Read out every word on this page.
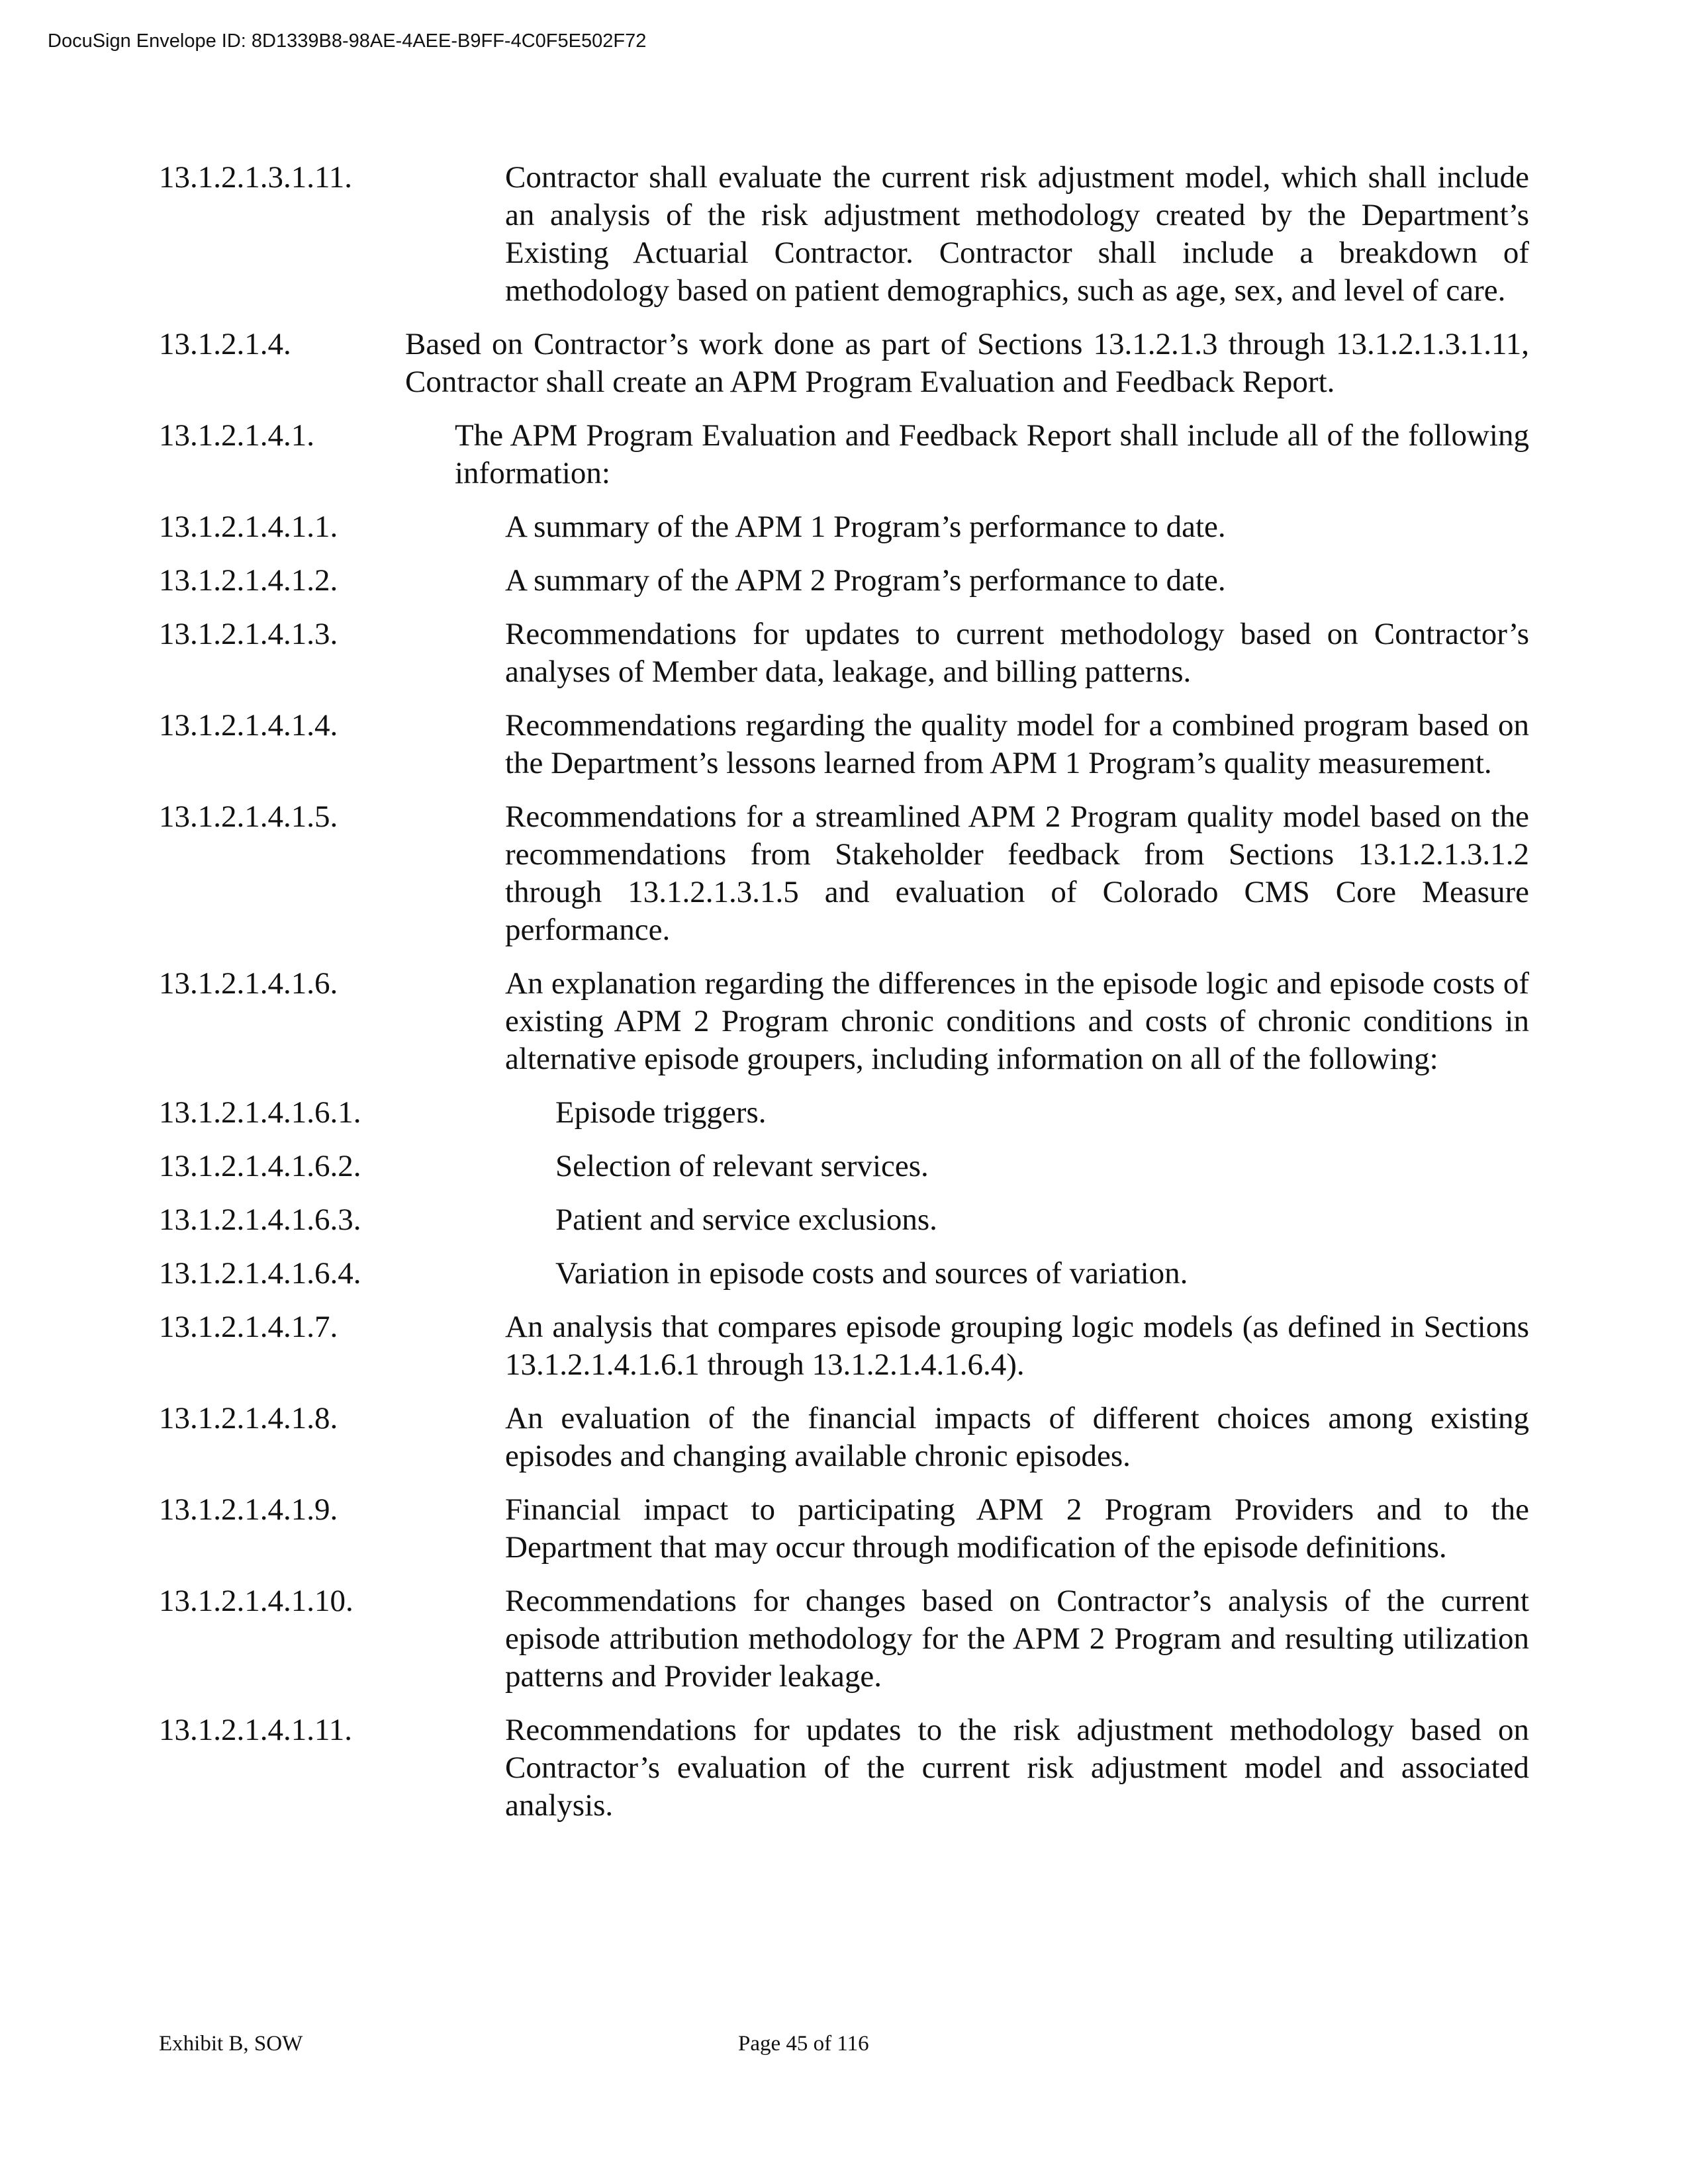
DocuSign Envelope ID: 8D1339B8-98AE-4AEE-B9FF-4C0F5E502F72
13.1.2.1.3.1.11.	Contractor shall evaluate the current risk adjustment model, which shall include an analysis of the risk adjustment methodology created by the Department’s Existing Actuarial Contractor. Contractor shall include a breakdown of methodology based on patient demographics, such as age, sex, and level of care.
13.1.2.1.4.	Based on Contractor’s work done as part of Sections 13.1.2.1.3 through 13.1.2.1.3.1.11, Contractor shall create an APM Program Evaluation and Feedback Report.
13.1.2.1.4.1.	The APM Program Evaluation and Feedback Report shall include all of the following information:
13.1.2.1.4.1.1.	A summary of the APM 1 Program’s performance to date.
13.1.2.1.4.1.2.	A summary of the APM 2 Program’s performance to date.
13.1.2.1.4.1.3.	Recommendations for updates to current methodology based on Contractor’s analyses of Member data, leakage, and billing patterns.
13.1.2.1.4.1.4.	Recommendations regarding the quality model for a combined program based on the Department’s lessons learned from APM 1 Program’s quality measurement.
13.1.2.1.4.1.5.	Recommendations for a streamlined APM 2 Program quality model based on the recommendations from Stakeholder feedback from Sections 13.1.2.1.3.1.2 through 13.1.2.1.3.1.5 and evaluation of Colorado CMS Core Measure performance.
13.1.2.1.4.1.6.	An explanation regarding the differences in the episode logic and episode costs of existing APM 2 Program chronic conditions and costs of chronic conditions in alternative episode groupers, including information on all of the following:
13.1.2.1.4.1.6.1.	Episode triggers.
13.1.2.1.4.1.6.2.	Selection of relevant services.
13.1.2.1.4.1.6.3.	Patient and service exclusions.
13.1.2.1.4.1.6.4.	Variation in episode costs and sources of variation.
13.1.2.1.4.1.7.	An analysis that compares episode grouping logic models (as defined in Sections 13.1.2.1.4.1.6.1 through 13.1.2.1.4.1.6.4).
13.1.2.1.4.1.8.	An evaluation of the financial impacts of different choices among existing episodes and changing available chronic episodes.
13.1.2.1.4.1.9.	Financial impact to participating APM 2 Program Providers and to the Department that may occur through modification of the episode definitions.
13.1.2.1.4.1.10.	Recommendations for changes based on Contractor’s analysis of the current episode attribution methodology for the APM 2 Program and resulting utilization patterns and Provider leakage.
13.1.2.1.4.1.11.	Recommendations for updates to the risk adjustment methodology based on Contractor’s evaluation of the current risk adjustment model and associated analysis.
Exhibit B, SOW	Page 45 of 116
